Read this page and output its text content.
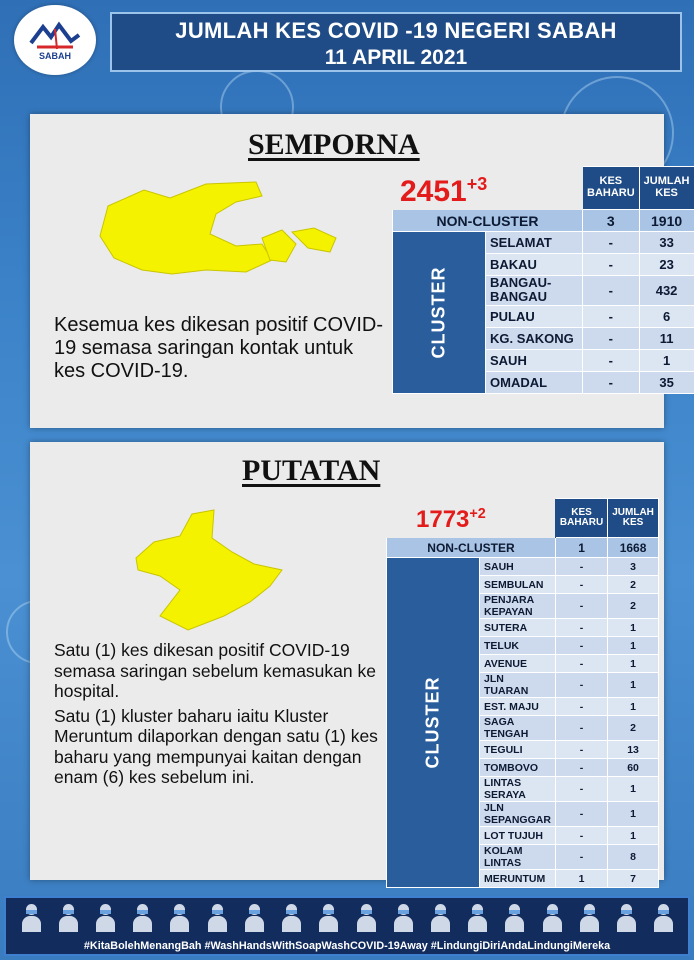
SABAH
JUMLAH KES COVID -19 NEGERI SABAH
11 APRIL 2021
SEMPORNA
$2451^{+3}$
		KES BAHARU	JUMLAH KES
NON-CLUSTER		3	1910

CLUSTER	SELAMAT	-	33
	BAKAU	-	23
	BANGAU-BANGAU	-	432
	PULAU	-	6
	KG. SAKONG	-	11
	SAUH	-	1
	OMADAL	-	35
Kesemua kes dikesan positif COVID-19 semasa saringan kontak untuk kes COVID-19.
PUTATAN
$1773^{+2}$
		KES BAHARU	JUMLAH KES
NON-CLUSTER		1	1668

CLUSTER	SAUH	-	3
	SEMBULAN	-	2
	PENJARA KEPAYAN	-	2
	SUTERA	-	1
	TELUK	-	1
	AVENUE	-	1
	JLN TUARAN	-	1
	EST. MAJU	-	1
	SAGA TENGAH	-	2
	TEGULI	-	13
	TOMBOVO	-	60
	LINTAS SERAYA	-	1
	JLN SEPANGGAR	-	1
	LOT TUJUH	-	1
	KOLAM LINTAS	-	8
	MERUNTUM	1	7

Satu (1) kes dikesan positif COVID-19 semasa saringan sebelum kemasukan ke hospital.

Satu (1) kluster baharu iaitu Kluster Meruntum dilaporkan dengan satu (1) kes baharu yang mempunyai kaitan dengan enam (6) kes sebelum ini.

#KitaBolehMenangBah #WashHandsWithSoapWashCOVID-19Away #LindungiDiriAndaLindungiMereka
